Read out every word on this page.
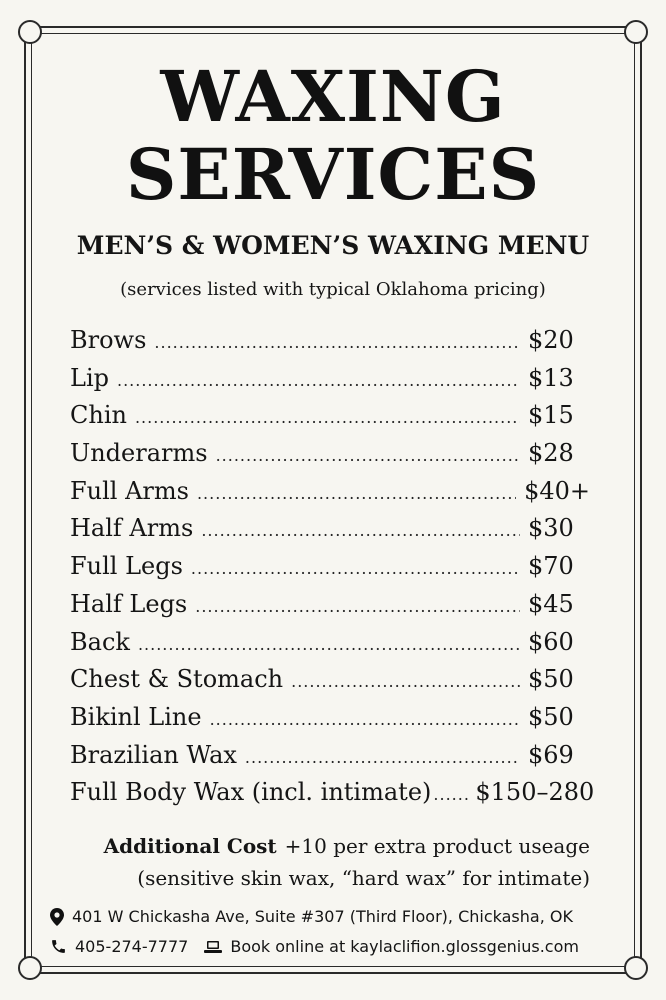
WAXING
SERVICES
MEN’S & WOMEN’S WAXING MENU
(services listed with typical Oklahoma pricing)
Brows .....	$20
Lip .....	$13
Chin .....	$15
Underarms .....	$28
Full Arms .....	$40+
Half Arms .....	$30
Full Legs .....	$70
Half Legs .....	$45
Back .....	$60
Chest & Stomach .....	$50
Bikinl Line .....	$50
Brazilian Wax .....	$69
Full Body Wax (incl. intimate) ..... $150–280
Additional Cost +10 per extra product useage
(sensitive skin wax, “hard wax” for intimate)
401 W Chickasha Ave, Suite #307 (Third Floor), Chickasha, OK
405-274-7777	Book online at kaylaclifion.glossgenius.com
